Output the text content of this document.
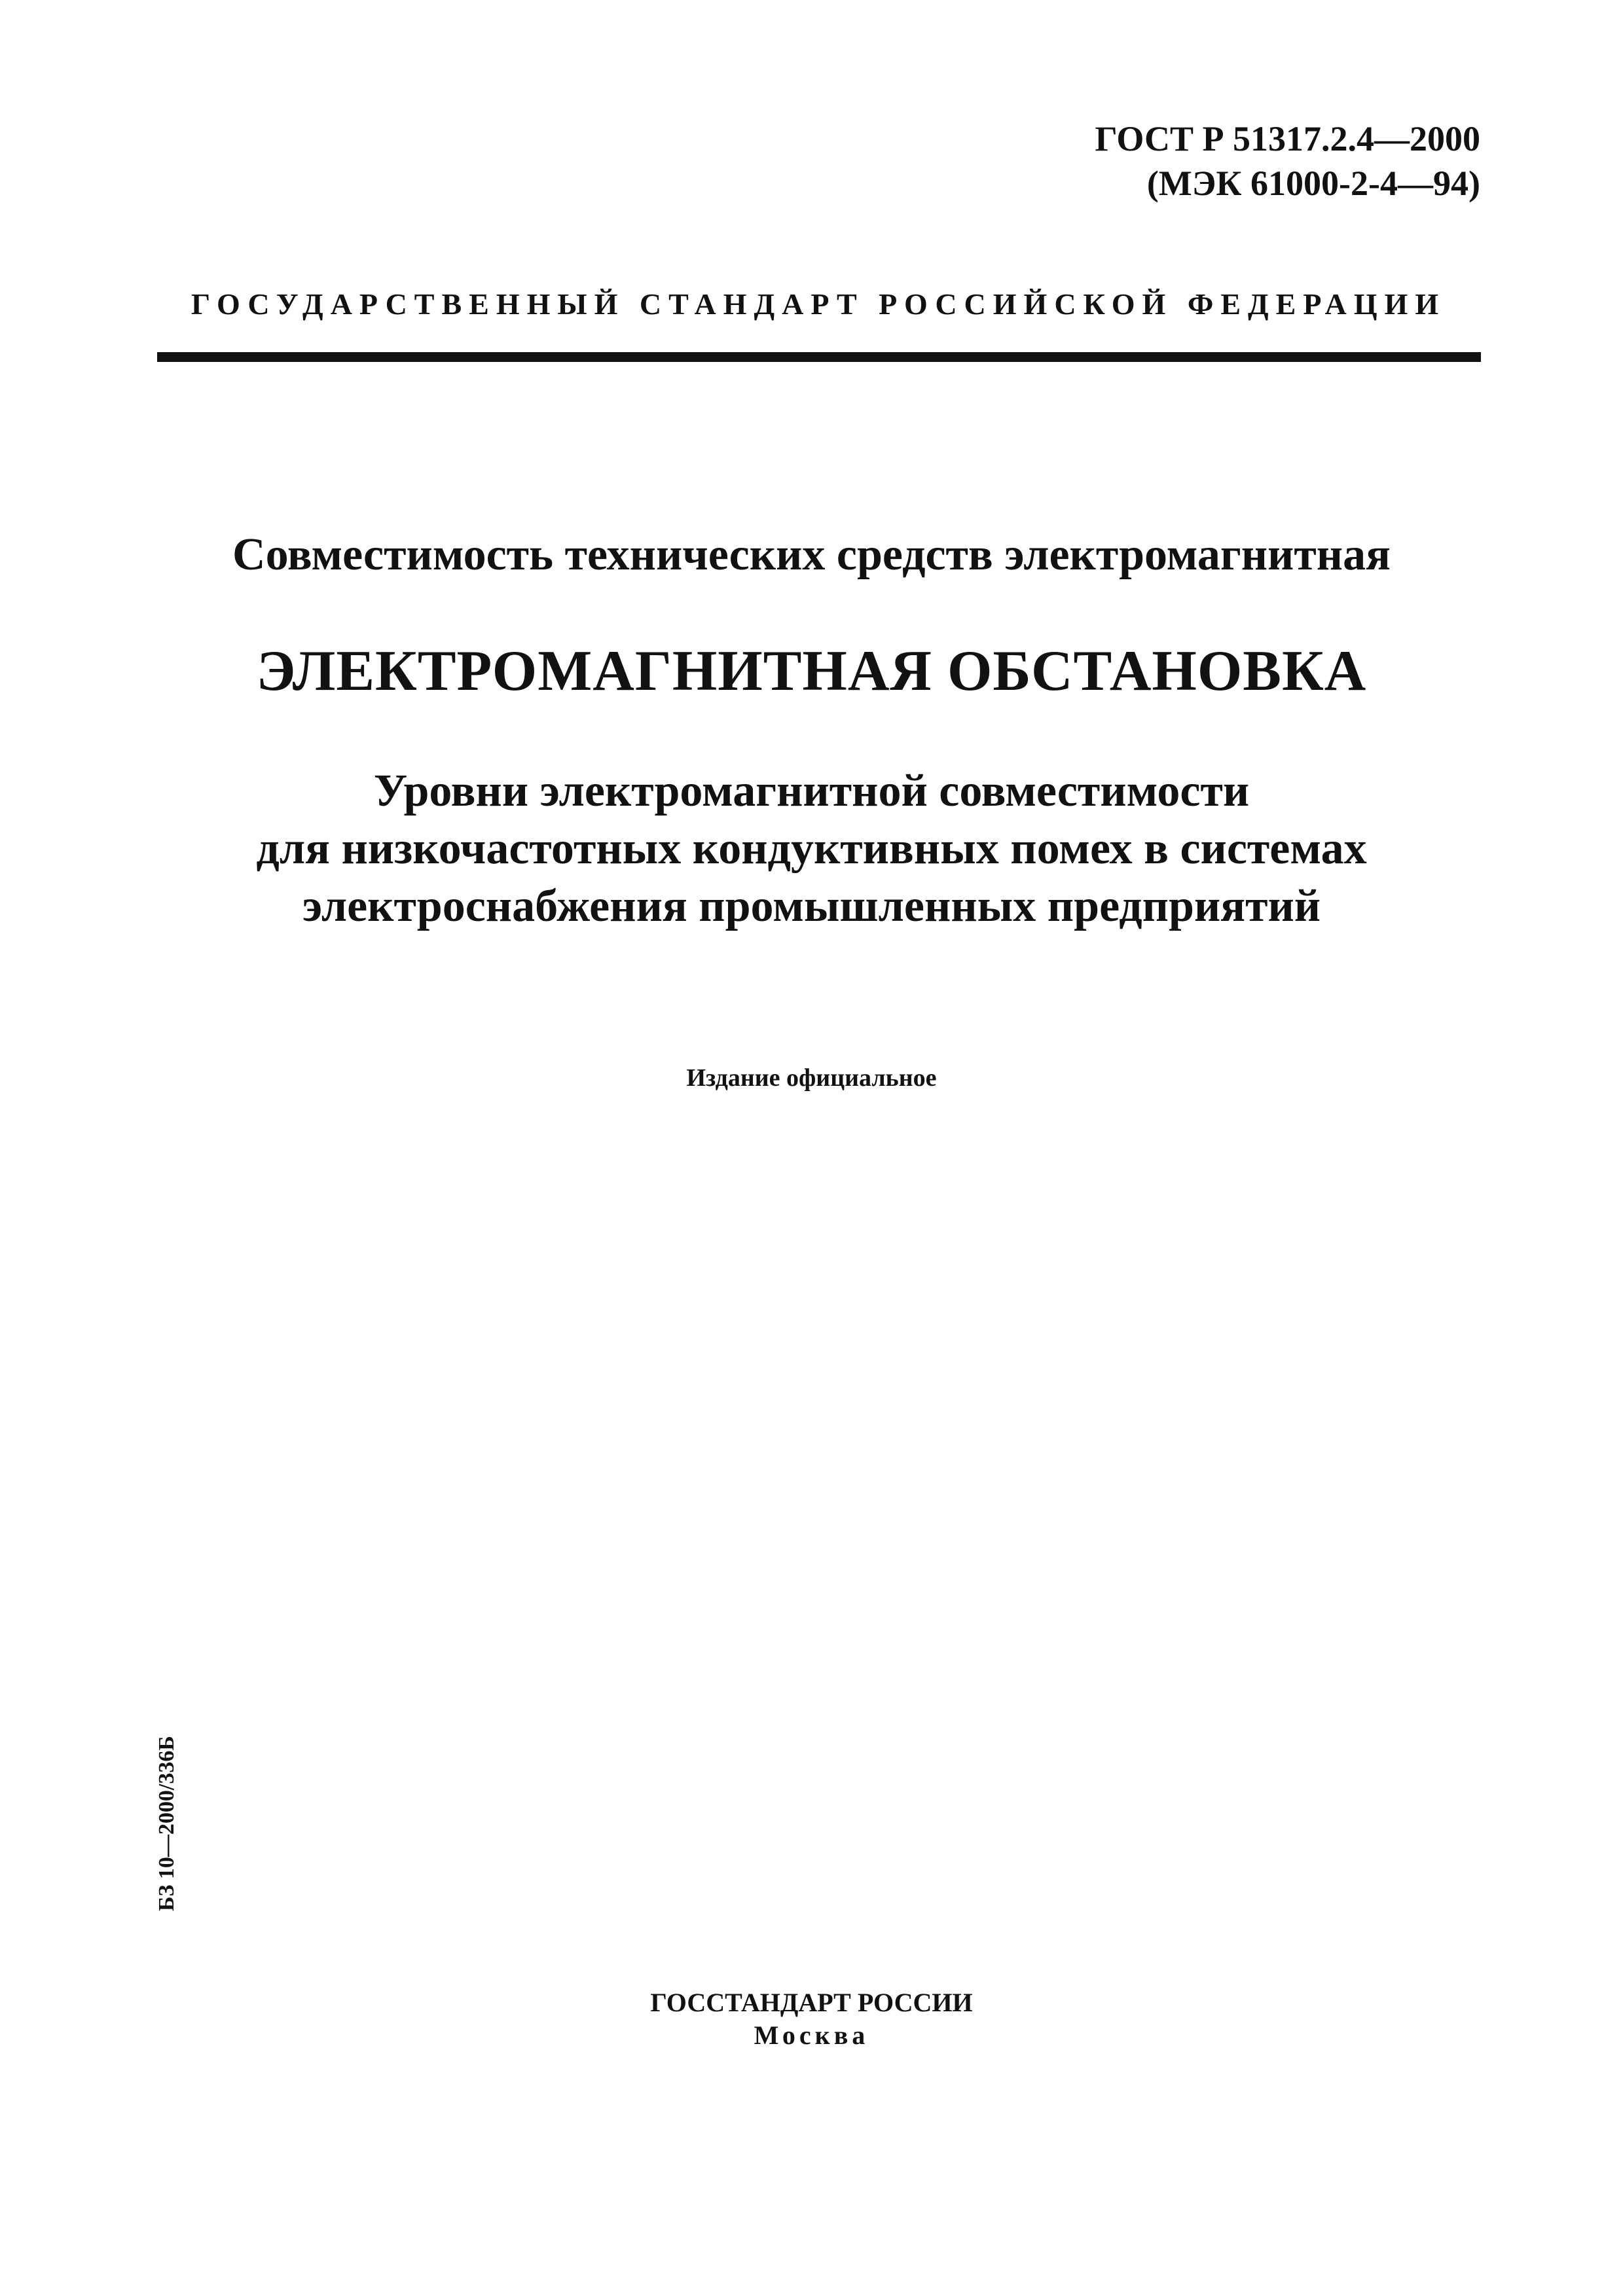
ГОСТ Р 51317.2.4—2000
(МЭК 61000-2-4—94)
ГОСУДАРСТВЕННЫЙ СТАНДАРТ РОССИЙСКОЙ ФЕДЕРАЦИИ
Совместимость технических средств электромагнитная
ЭЛЕКТРОМАГНИТНАЯ ОБСТАНОВКА
Уровни электромагнитной совместимости
для низкочастотных кондуктивных помех в системах
электроснабжения промышленных предприятий
Издание официальное
БЗ 10—2000/336Б
ГОССТАНДАРТ РОССИИ
Москва
